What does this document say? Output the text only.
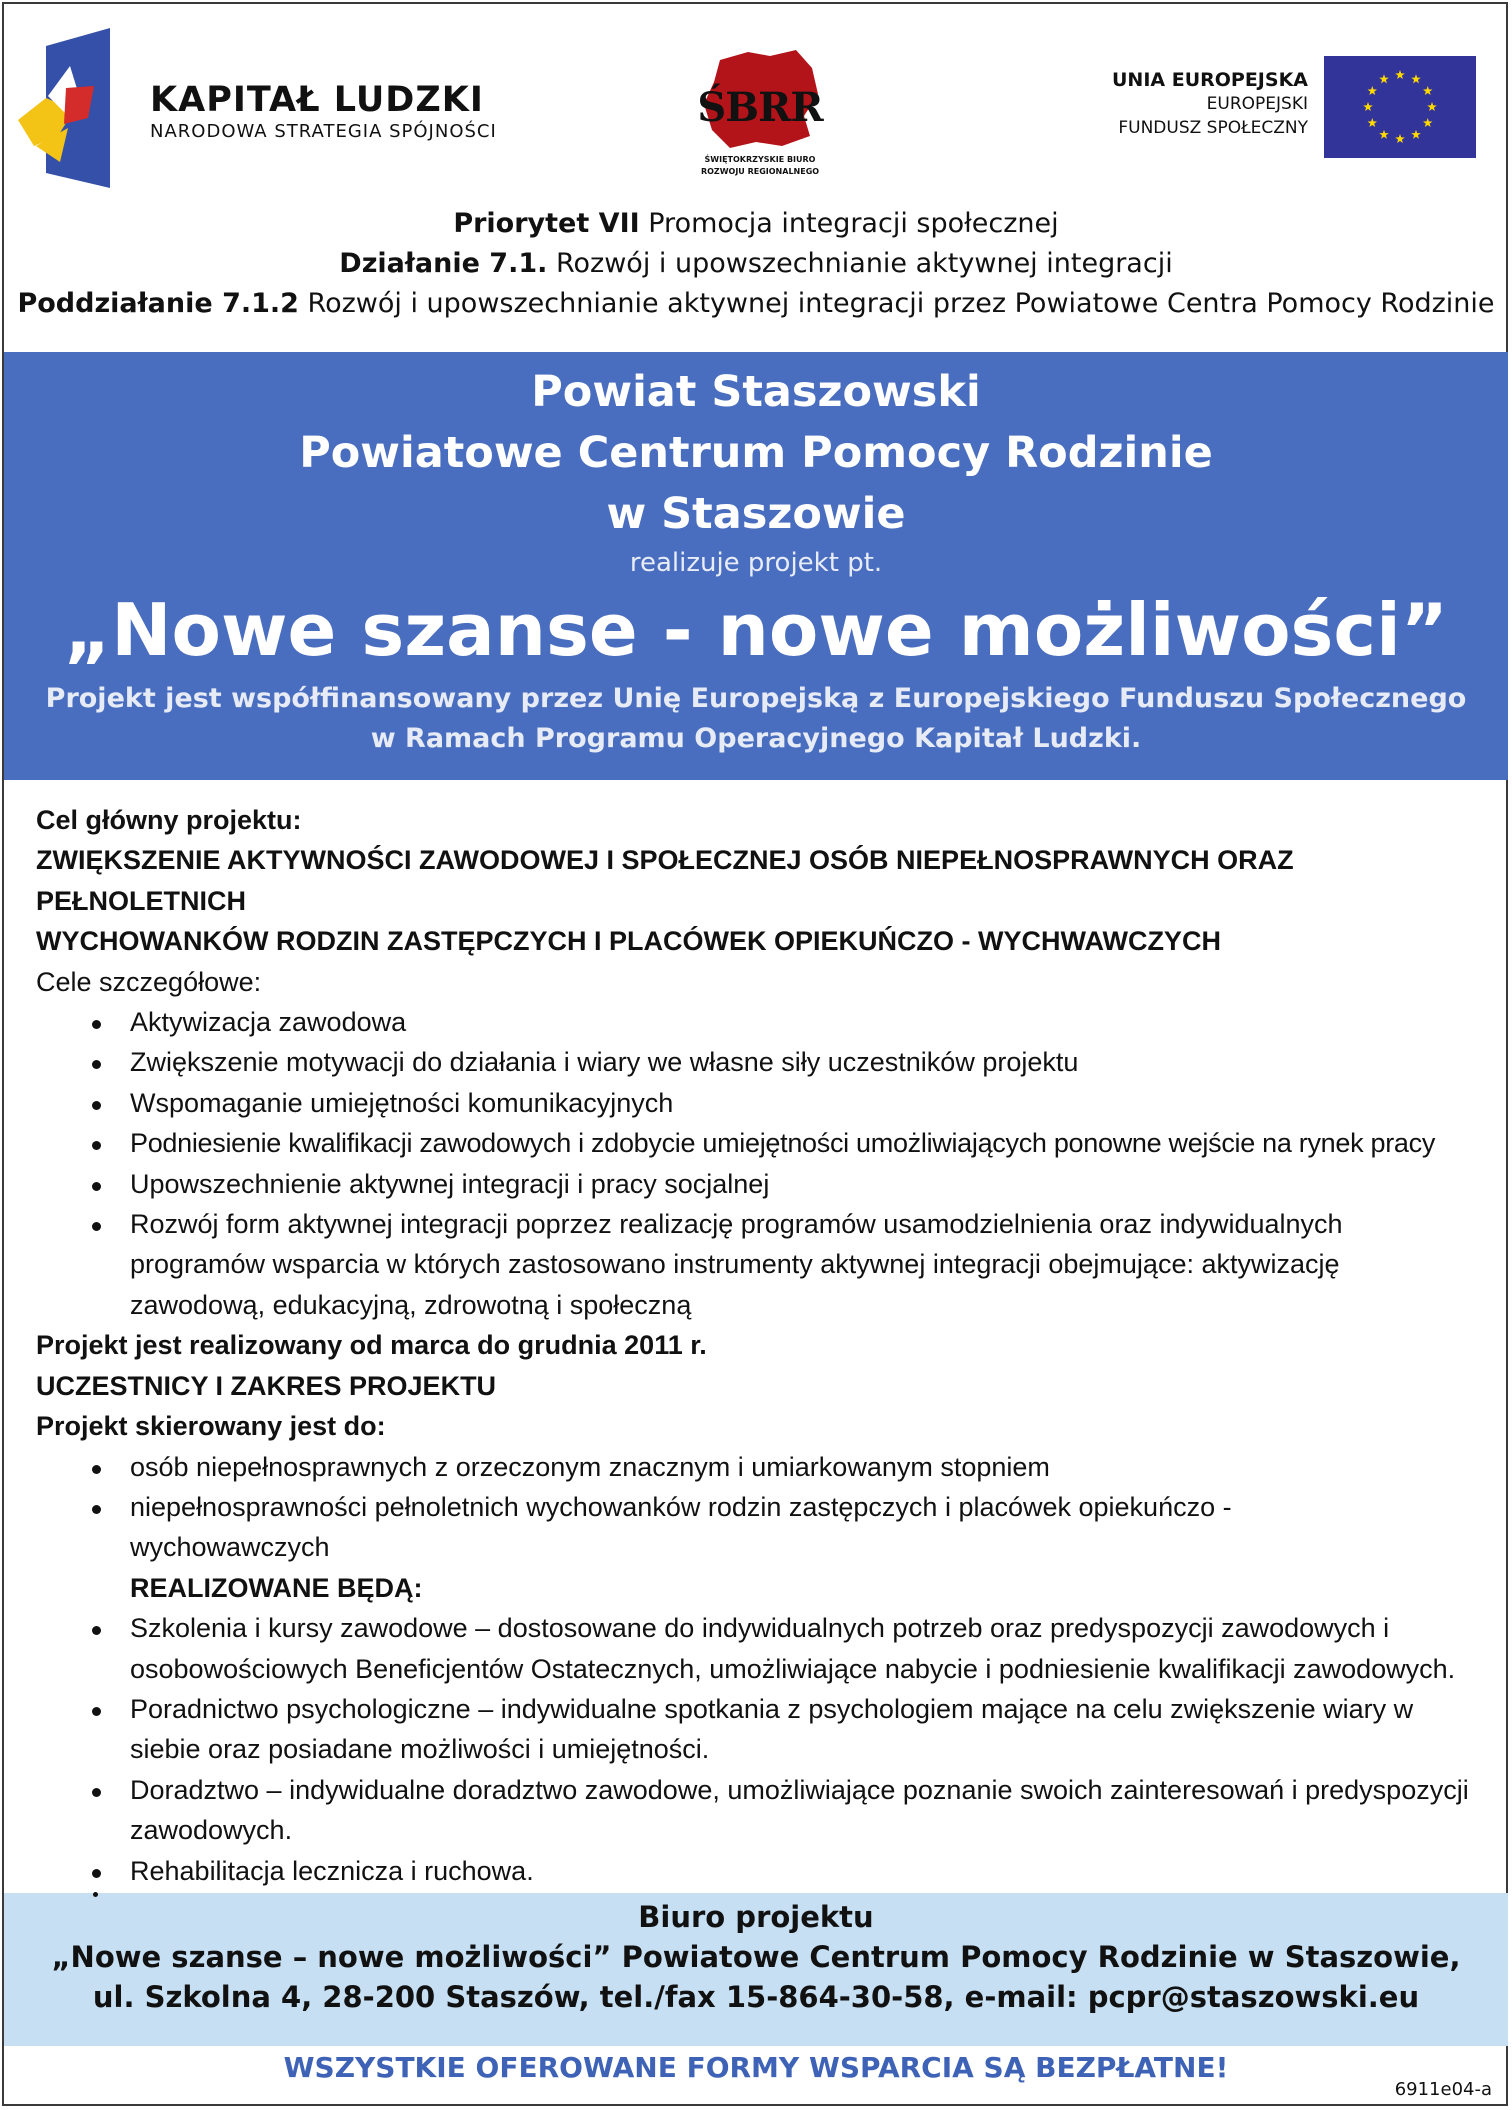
KAPITAŁ LUDZKI
NARODOWA STRATEGIA SPÓJNOŚCI
ŚBRR
ŚWIĘTOKRZYSKIE BIURO
ROZWOJU REGIONALNEGO
UNIA EUROPEJSKA
EUROPEJSKI
FUNDUSZ SPOŁECZNY
Priorytet VII Promocja integracji społecznej
Działanie 7.1. Rozwój i upowszechnianie aktywnej integracji
Poddziałanie 7.1.2 Rozwój i upowszechnianie aktywnej integracji przez Powiatowe Centra Pomocy Rodzinie
Powiat Staszowski
Powiatowe Centrum Pomocy Rodzinie
w Staszowie
realizuje projekt pt.
„Nowe szanse - nowe możliwości”
Projekt jest współfinansowany przez Unię Europejską z Europejskiego Funduszu Społecznego
w Ramach Programu Operacyjnego Kapitał Ludzki.
Cel główny projektu:
ZWIĘKSZENIE AKTYWNOŚCI ZAWODOWEJ I SPOŁECZNEJ OSÓB NIEPEŁNOSPRAWNYCH ORAZ PEŁNOLETNICH
WYCHOWANKÓW RODZIN ZASTĘPCZYCH I PLACÓWEK OPIEKUŃCZO - WYCHWAWCZYCH
Cele szczegółowe:
Aktywizacja zawodowa
Zwiększenie motywacji do działania i wiary we własne siły uczestników projektu
Wspomaganie umiejętności komunikacyjnych
Podniesienie kwalifikacji zawodowych i zdobycie umiejętności umożliwiających ponowne wejście na rynek pracy
Upowszechnienie aktywnej integracji i pracy socjalnej
Rozwój form aktywnej integracji poprzez realizację programów usamodzielnienia oraz indywidualnych programów wsparcia w których zastosowano instrumenty aktywnej integracji obejmujące: aktywizację zawodową, edukacyjną, zdrowotną i społeczną
Projekt jest realizowany od marca do grudnia 2011 r.
UCZESTNICY I ZAKRES PROJEKTU
Projekt skierowany jest do:
osób niepełnosprawnych z orzeczonym znacznym i umiarkowanym stopniem
niepełnosprawności pełnoletnich wychowanków rodzin zastępczych i placówek opiekuńczo - wychowawczych
REALIZOWANE BĘDĄ:
Szkolenia i kursy zawodowe – dostosowane do indywidualnych potrzeb oraz predyspozycji zawodowych i osobowościowych Beneficjentów Ostatecznych, umożliwiające nabycie i podniesienie kwalifikacji zawodowych.
Poradnictwo psychologiczne – indywidualne spotkania z psychologiem mające na celu zwiększenie wiary w siebie oraz posiadane możliwości i umiejętności.
Doradztwo – indywidualne doradztwo zawodowe, umożliwiające poznanie swoich zainteresowań i predyspozycji zawodowych.
Rehabilitacja lecznicza i ruchowa.
Biuro projektu
„Nowe szanse – nowe możliwości” Powiatowe Centrum Pomocy Rodzinie w Staszowie,
ul. Szkolna 4, 28-200 Staszów, tel./fax 15-864-30-58, e-mail: pcpr@staszowski.eu
WSZYSTKIE OFEROWANE FORMY WSPARCIA SĄ BEZPŁATNE!
6911e04-a
